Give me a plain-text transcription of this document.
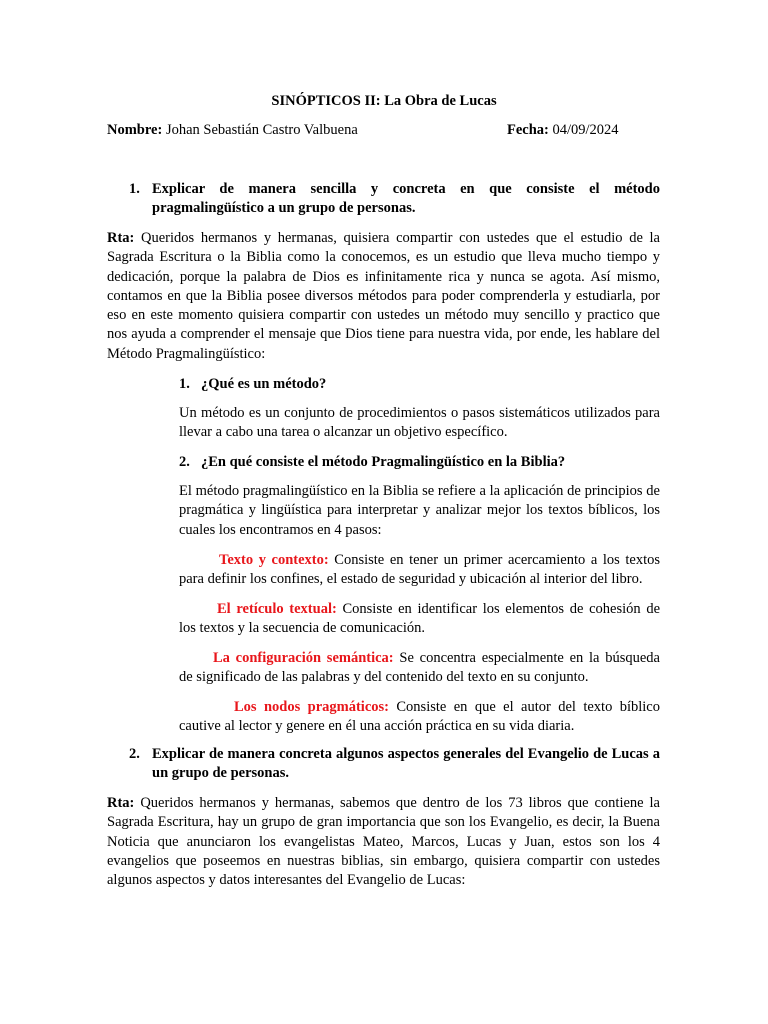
SINÓPTICOS II: La Obra de Lucas
Nombre: Johan Sebastián Castro Valbuena	Fecha: 04/09/2024
1. Explicar de manera sencilla y concreta en que consiste el método pragmalingüístico a un grupo de personas.
Rta: Queridos hermanos y hermanas, quisiera compartir con ustedes que el estudio de la Sagrada Escritura o la Biblia como la conocemos, es un estudio que lleva mucho tiempo y dedicación, porque la palabra de Dios es infinitamente rica y nunca se agota. Así mismo, contamos en que la Biblia posee diversos métodos para poder comprenderla y estudiarla, por eso en este momento quisiera compartir con ustedes un método muy sencillo y practico que nos ayuda a comprender el mensaje que Dios tiene para nuestra vida, por ende, les hablare del Método Pragmalingüístico:
1. ¿Qué es un método?
Un método es un conjunto de procedimientos o pasos sistemáticos utilizados para llevar a cabo una tarea o alcanzar un objetivo específico.
2. ¿En qué consiste el método Pragmalingüístico en la Biblia?
El método pragmalingüístico en la Biblia se refiere a la aplicación de principios de pragmática y lingüística para interpretar y analizar mejor los textos bíblicos, los cuales los encontramos en 4 pasos:
Texto y contexto: Consiste en tener un primer acercamiento a los textos para definir los confines, el estado de seguridad y ubicación al interior del libro.
El retículo textual: Consiste en identificar los elementos de cohesión de los textos y la secuencia de comunicación.
La configuración semántica: Se concentra especialmente en la búsqueda de significado de las palabras y del contenido del texto en su conjunto.
Los nodos pragmáticos: Consiste en que el autor del texto bíblico cautive al lector y genere en él una acción práctica en su vida diaria.
2. Explicar de manera concreta algunos aspectos generales del Evangelio de Lucas a un grupo de personas.
Rta: Queridos hermanos y hermanas, sabemos que dentro de los 73 libros que contiene la Sagrada Escritura, hay un grupo de gran importancia que son los Evangelio, es decir, la Buena Noticia que anunciaron los evangelistas Mateo, Marcos, Lucas y Juan, estos son los 4 evangelios que poseemos en nuestras biblias, sin embargo, quisiera compartir con ustedes algunos aspectos y datos interesantes del Evangelio de Lucas:
